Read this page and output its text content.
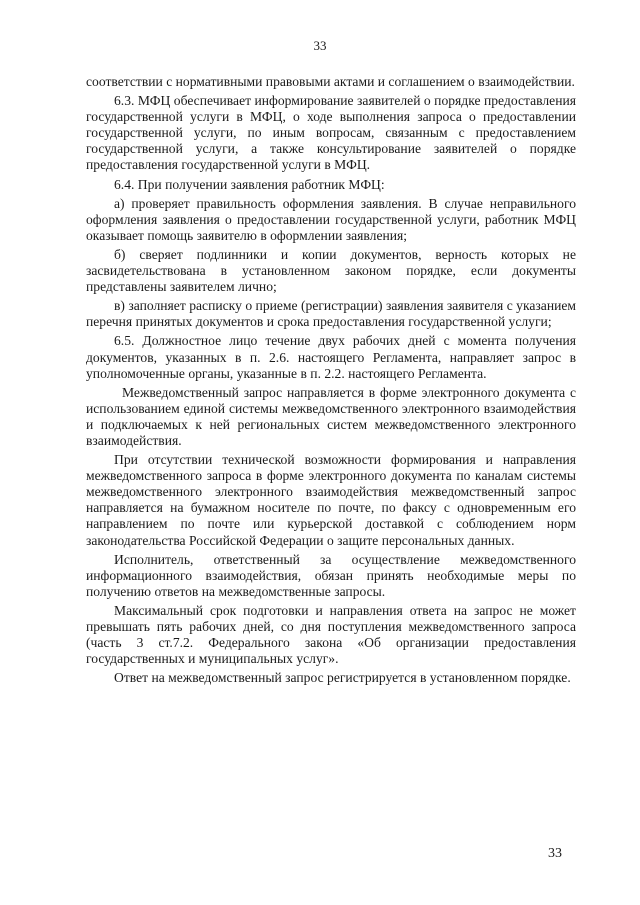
33

соответствии с нормативными правовыми актами и соглашением о взаимодействии.

6.3. МФЦ обеспечивает информирование заявителей о порядке предоставления государственной услуги в МФЦ, о ходе выполнения запроса о предоставлении государственной услуги, по иным вопросам, связанным с предоставлением государственной услуги, а также консультирование заявителей о порядке предоставления государственной услуги в МФЦ.

6.4. При получении заявления работник МФЦ:

а) проверяет правильность оформления заявления. В случае неправильного оформления заявления о предоставлении государственной услуги, работник МФЦ оказывает помощь заявителю в оформлении заявления;

б) сверяет подлинники и копии документов, верность которых не засвидетельствована в установленном законом порядке, если документы представлены заявителем лично;

в) заполняет расписку о приеме (регистрации) заявления заявителя с указанием перечня принятых документов и срока предоставления государственной услуги;

6.5. Должностное лицо течение двух рабочих дней с момента получения документов, указанных в п. 2.6. настоящего Регламента, направляет запрос в уполномоченные органы, указанные в п. 2.2. настоящего Регламента.

Межведомственный запрос направляется в форме электронного документа с использованием единой системы межведомственного электронного взаимодействия и подключаемых к ней региональных систем межведомственного электронного взаимодействия.

При отсутствии технической возможности формирования и направления межведомственного запроса в форме электронного документа по каналам системы межведомственного электронного взаимодействия межведомственный запрос направляется на бумажном носителе по почте, по факсу с одновременным его направлением по почте или курьерской доставкой с соблюдением норм законодательства Российской Федерации о защите персональных данных.

Исполнитель, ответственный за осуществление межведомственного информационного взаимодействия, обязан принять необходимые меры по получению ответов на межведомственные запросы.

Максимальный срок подготовки и направления ответа на запрос не может превышать пять рабочих дней, со дня поступления межведомственного запроса (часть 3 ст.7.2. Федерального закона «Об организации предоставления государственных и муниципальных услуг».

Ответ на межведомственный запрос регистрируется в установленном порядке.

33
